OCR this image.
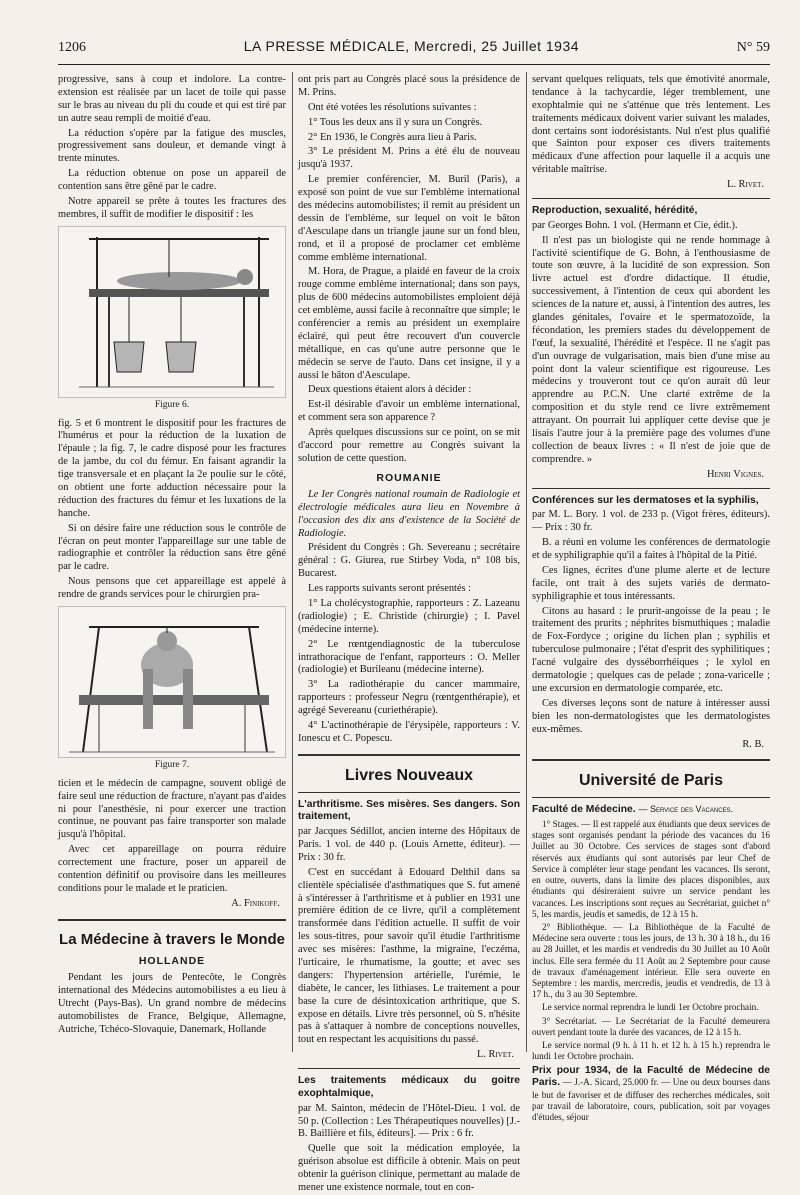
1206	LA PRESSE MÉDICALE, Mercredi, 25 Juillet 1934	N° 59

progressive, sans à coup et indolore. La contre-extension est réalisée par un lacet de toile qui passe sur le bras au niveau du pli du coude et qui est tiré par un autre seau rempli de moitié d'eau.

La réduction s'opère par la fatigue des muscles, progressivement sans douleur, et demande vingt à trente minutes.

La réduction obtenue on pose un appareil de contention sans être gêné par le cadre.

Notre appareil se prête à toutes les fractures des membres, il suffit de modifier le dispositif : les

Figure 6.

fig. 5 et 6 montrent le dispositif pour les fractures de l'humérus et pour la réduction de la luxation de l'épaule ; la fig. 7, le cadre disposé pour les fractures de la jambe, du col du fémur. En faisant agrandir la tige transversale et en plaçant la 2e poulie sur le côté, on obtient une forte adduction nécessaire pour la réduction des fractures du fémur et les luxations de la hanche.

Si on désire faire une réduction sous le contrôle de l'écran on peut monter l'appareillage sur une table de radiographie et contrôler la réduction sans être gêné par le cadre.

Nous pensons que cet appareillage est appelé à rendre de grands services pour le chirurgien pra-

Figure 7.

ticien et le médecin de campagne, souvent obligé de faire seul une réduction de fracture, n'ayant pas d'aides ni pour l'anesthésie, ni pour exercer une traction continue, ne pouvant pas faire transporter son malade jusqu'à l'hôpital.

Avec cet appareillage on pourra réduire correctement une fracture, poser un appareil de contention définitif ou provisoire dans les meilleures conditions pour le malade et le praticien.

A. Finikoff.
La Médecine à travers le Monde
HOLLANDE

Pendant les jours de Pentecôte, le Congrès international des Médecins automobilistes a eu lieu à Utrecht (Pays-Bas). Un grand nombre de médecins automobilistes de France, Belgique, Allemagne, Autriche, Tchéco-Slovaquie, Danemark, Hollande

ont pris part au Congrès placé sous la présidence de M. Prins.

Ont été votées les résolutions suivantes :

1° Tous les deux ans il y sura un Congrès.

2° En 1936, le Congrès aura lieu à Paris.

3° Le président M. Prins a été élu de nouveau jusqu'à 1937.

Le premier conférencier, M. Buril (Paris), a exposé son point de vue sur l'emblème international des médecins automobilistes; il remit au président un dessin de l'emblème, sur lequel on voit le bâton d'Aesculape dans un triangle jaune sur un fond bleu, rond, et il a proposé de proclamer cet emblème comme emblème international.

M. Hora, de Prague, a plaidé en faveur de la croix rouge comme emblème international; dans son pays, plus de 600 médecins automobilistes emploient déjà cet emblème, aussi facile à reconnaître que simple; le conférencier a remis au président un exemplaire éclairé, qui peut être recouvert d'un couvercle métallique, en cas qu'une autre personne que le médecin se serve de l'auto. Dans cet insigne, il y a aussi le bâton d'Aesculape.

Deux questions étaient alors à décider :

Est-il désirable d'avoir un emblème international, et comment sera son apparence ?

Après quelques discussions sur ce point, on se mit d'accord pour remettre au Congrès suivant la solution de cette question.

ROUMANIE

Le Ier Congrès national roumain de Radiologie et électrologie médicales aura lieu en Novembre à l'occasion des dix ans d'existence de la Société de Radiologie.

Président du Congrès : Gh. Severeanu ; secrétaire général : G. Giurea, rue Stirbey Voda, n° 108 bis, Bucarest.

Les rapports suivants seront présentés :

1° La cholécystographie, rapporteurs : Z. Lazeanu (radiologie) ; E. Christide (chirurgie) ; I. Pavel (médecine interne).

2° Le rœntgendiagnostic de la tuberculose intrathoracique de l'enfant, rapporteurs : O. Meller (radiologie) et Burileanu (médecine interne).

3° La radiothérapie du cancer mammaire, rapporteurs : professeur Negru (rœntgenthérapie), et agrégé Severeanu (curiethérapie).

4° L'actinothérapie de l'érysipèle, rapporteurs : V. Ionescu et C. Popescu.

Livres Nouveaux

L'arthritisme. Ses misères. Ses dangers. Son traitement,

par Jacques Sédillot, ancien interne des Hôpitaux de Paris. 1 vol. de 440 p. (Louis Arnette, éditeur). — Prix : 30 fr.

C'est en succédant à Edouard Delthil dans sa clientèle spécialisée d'asthmatiques que S. fut amené à s'intéresser à l'arthritisme et à publier en 1931 une première édition de ce livre, qu'il a complètement transformée dans l'édition actuelle. Il suffit de voir les sous-titres, pour savoir qu'il étudie l'arthritisme avec ses misères: l'asthme, la migraine, l'eczéma, l'urticaire, le rhumatisme, la goutte; et avec ses dangers: l'hypertension artérielle, l'urémie, le diabète, le cancer, les lithiases. Le traitement a pour base la cure de désintoxication arthritique, que S. expose en détails. Livre très personnel, où S. n'hésite pas à s'attaquer à nombre de conceptions nouvelles, tout en respectant les acquisitions du passé.

L. Rivet.

Les traitements médicaux du goitre exophtalmique,

par M. Sainton, médecin de l'Hôtel-Dieu. 1 vol. de 50 p. (Collection : Les Thérapeutiques nouvelles) [J.-B. Baillière et fils, éditeurs]. — Prix : 6 fr.

Quelle que soit la médication employée, la guérison absolue est difficile à obtenir. Mais on peut obtenir la guérison clinique, permettant au malade de mener une existence normale, tout en con-

servant quelques reliquats, tels que émotivité anormale, tendance à la tachycardie, léger tremblement, une exophtalmie qui ne s'atténue que très lentement. Les traitements médicaux doivent varier suivant les malades, dont certains sont iodorésistants. Nul n'est plus qualifié que Sainton pour exposer ces divers traitements médicaux d'une affection pour laquelle il a acquis une véritable maîtrise.

L. Rivet.

Reproduction, sexualité, hérédité,

par Georges Bohn. 1 vol. (Hermann et Cie, édit.).

Il n'est pas un biologiste qui ne rende hommage à l'activité scientifique de G. Bohn, à l'enthousiasme de toute son œuvre, à la lucidité de son expression. Son livre actuel est d'ordre didactique. Il étudie, successivement, à l'intention de ceux qui abordent les sciences de la nature et, aussi, à l'intention des autres, les glandes génitales, l'ovaire et le spermatozoïde, la fécondation, les premiers stades du développement de l'œuf, la sexualité, l'hérédité et l'espèce. Il ne s'agit pas d'un ouvrage de vulgarisation, mais bien d'une mise au point dont la valeur scientifique est rigoureuse. Les médecins y trouveront tout ce qu'on aurait dû leur apprendre au P.C.N. Une clarté extrême de la composition et du style rend ce livre extrêmement attrayant. On pourrait lui appliquer cette devise que je lisais l'autre jour à la première page des volumes d'une collection de beaux livres : « Il n'est de joie que de comprendre. »

Henri Vignes.

Conférences sur les dermatoses et la syphilis,

par M. L. Bory. 1 vol. de 233 p. (Vigot frères, éditeurs). — Prix : 30 fr.

B. a réuni en volume les conférences de dermatologie et de syphiligraphie qu'il a faites à l'hôpital de la Pitié.

Ces lignes, écrites d'une plume alerte et de lecture facile, ont trait à des sujets variés de dermato-syphiligraphie et tous intéressants.

Citons au hasard : le prurit-angoisse de la peau ; le traitement des prurits ; néphrites bismuthiques ; maladie de Fox-Fordyce ; origine du lichen plan ; syphilis et tuberculose pulmonaire ; l'état d'esprit des syphilitiques ; l'acné vulgaire des dysséborrhéiques ; le xylol en dermatologie ; quelques cas de pelade ; zona-varicelle ; une excursion en dermatologie comparée, etc.

Ces diverses leçons sont de nature à intéresser aussi bien les non-dermatologistes que les dermatologistes eux-mêmes.

R. B.
Université de Paris

Faculté de Médecine. — Service des Vacances.

1° Stages. — Il est rappelé aux étudiants que deux services de stages sont organisés pendant la période des vacances du 16 Juillet au 30 Octobre. Ces services de stages sont d'abord réservés aux étudiants qui sont autorisés par leur Chef de Service à compléter leur stage pendant les vacances. Ils seront, en outre, ouverts, dans la limite des places disponibles, aux étudiants qui désireraient suivre un service pendant les vacances. Les inscriptions sont reçues au Secrétariat, guichet n° 5, les mardis, jeudis et samedis, de 12 à 15 h.

2° Bibliothèque. — La Bibliothèque de la Faculté de Médecine sera ouverte : tous les jours, de 13 h. 30 à 18 h., du 16 au 28 Juillet, et les mardis et vendredis du 30 Juillet au 10 Août inclus. Elle sera fermée du 11 Août au 2 Septembre pour cause de travaux d'aménagement intérieur. Elle sera ouverte en Septembre : les mardis, mercredis, jeudis et vendredis, de 13 à 17 h., du 3 au 30 Septembre.

Le service normal reprendra le lundi 1er Octobre prochain.

3° Secrétariat. — Le Secrétariat de la Faculté demeurera ouvert pendant toute la durée des vacances, de 12 à 15 h.

Le service normal (9 h. à 11 h. et 12 h. à 15 h.) reprendra le lundi 1er Octobre prochain.

Prix pour 1934, de la Faculté de Médecine de Paris. — J.-A. Sicard, 25.000 fr. — Une ou deux bourses dans le but de favoriser et de diffuser des recherches médicales, soit par travail de laboratoire, cours, publication, soit par voyages d'études, séjour
